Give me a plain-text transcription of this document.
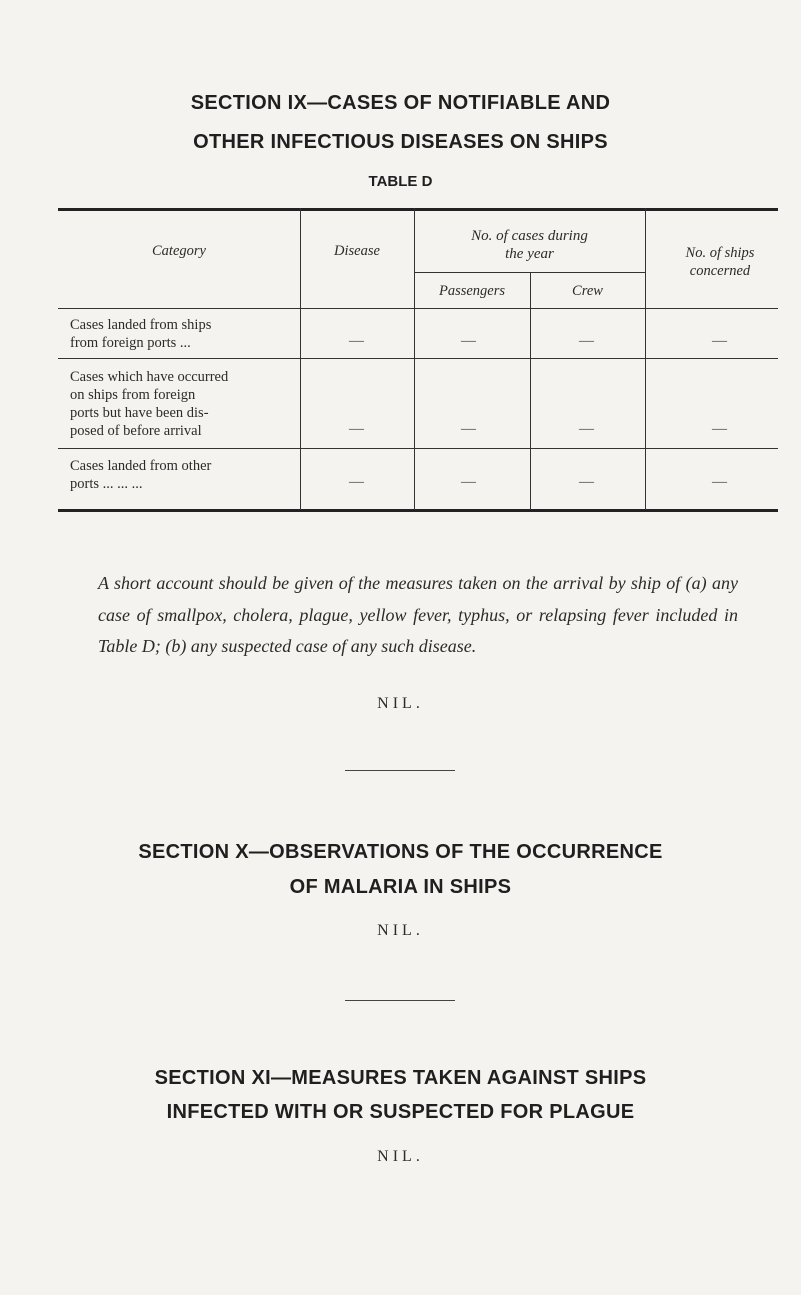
SECTION IX—CASES OF NOTIFIABLE AND
OTHER INFECTIOUS DISEASES ON SHIPS
TABLE D
Category	Disease
No. of cases during
the year
Passengers	Crew
No. of ships
concerned
Cases landed from ships
from foreign ports ...	—	—	—	—
Cases which have occurred
on ships from foreign
ports but have been dis-
posed of before arrival	—	—	—	—
Cases landed from other
ports ... ... ...	—	—	—	—
A short account should be given of the measures taken on the arrival by ship of (a) any case of smallpox, cholera, plague, yellow fever, typhus, or relapsing fever included in Table D; (b) any suspected case of any such disease.
NIL.
SECTION X—OBSERVATIONS OF THE OCCURRENCE
OF MALARIA IN SHIPS
NIL.
SECTION XI—MEASURES TAKEN AGAINST SHIPS
INFECTED WITH OR SUSPECTED FOR PLAGUE
NIL.
